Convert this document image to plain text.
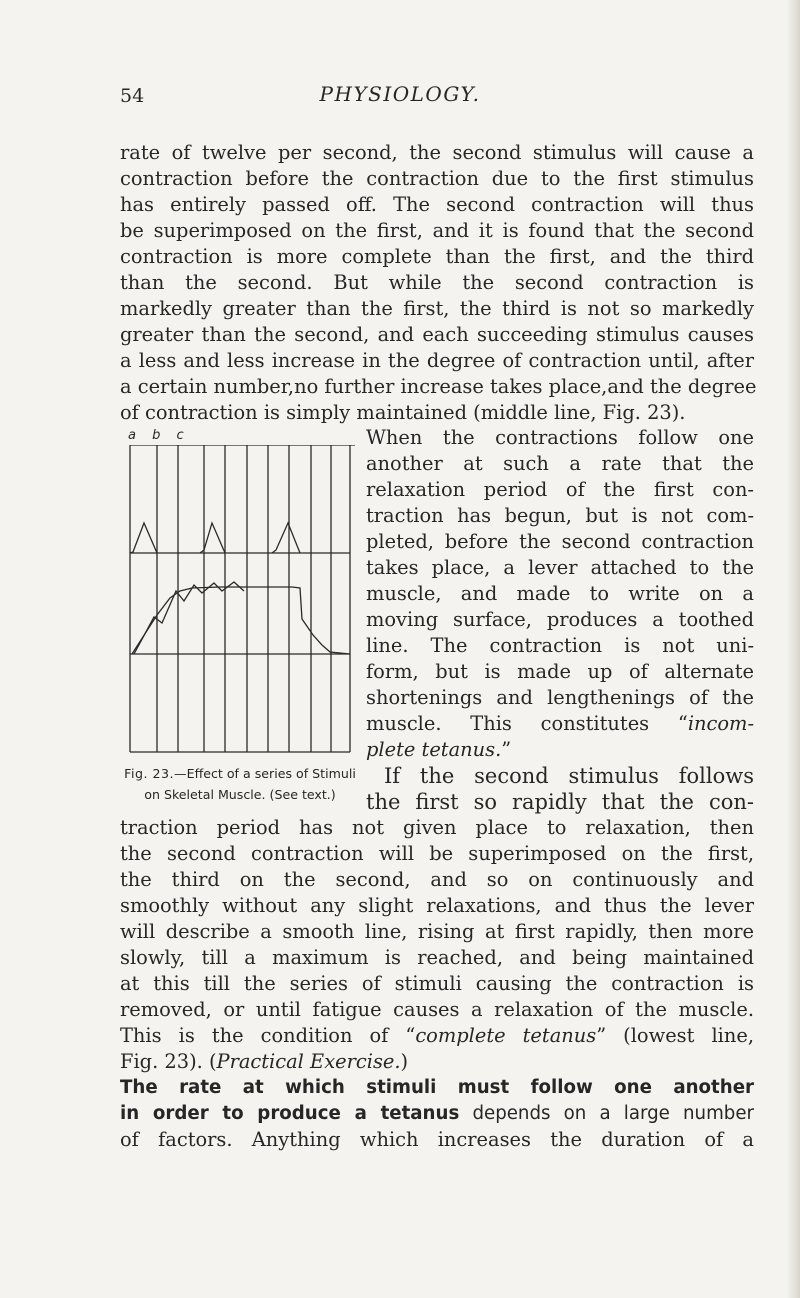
54	PHYSIOLOGY.
rate of twelve per second, the second stimulus will cause a
contraction before the contraction due to the first stimulus
has entirely passed off. The second contraction will thus
be superimposed on the first, and it is found that the second
contraction is more complete than the first, and the third
than the second. But while the second contraction is
markedly greater than the first, the third is not so markedly
greater than the second, and each succeeding stimulus causes
a less and less increase in the degree of contraction until, after
a certain number,no further increase takes place,and the degree
of contraction is simply maintained (middle line, Fig. 23).
a b c
Fig. 23.—Effect of a series of Stimuli on Skeletal Muscle. (See text.)
When the contractions follow one
another at such a rate that the
relaxation period of the first con-
traction has begun, but is not com-
pleted, before the second contraction
takes place, a lever attached to the
muscle, and made to write on a
moving surface, produces a toothed
line. The contraction is not uni-
form, but is made up of alternate
shortenings and lengthenings of the
muscle. This constitutes “incom-
plete tetanus.”
If the second stimulus follows
the first so rapidly that the con-
traction period has not given place to relaxation, then
the second contraction will be superimposed on the first,
the third on the second, and so on continuously and
smoothly without any slight relaxations, and thus the lever
will describe a smooth line, rising at first rapidly, then more
slowly, till a maximum is reached, and being maintained
at this till the series of stimuli causing the contraction is
removed, or until fatigue causes a relaxation of the muscle.
This is the condition of “complete tetanus” (lowest line,
Fig. 23). (Practical Exercise.)
The rate at which stimuli must follow one another
in order to produce a tetanus depends on a large number
of factors. Anything which increases the duration of a
